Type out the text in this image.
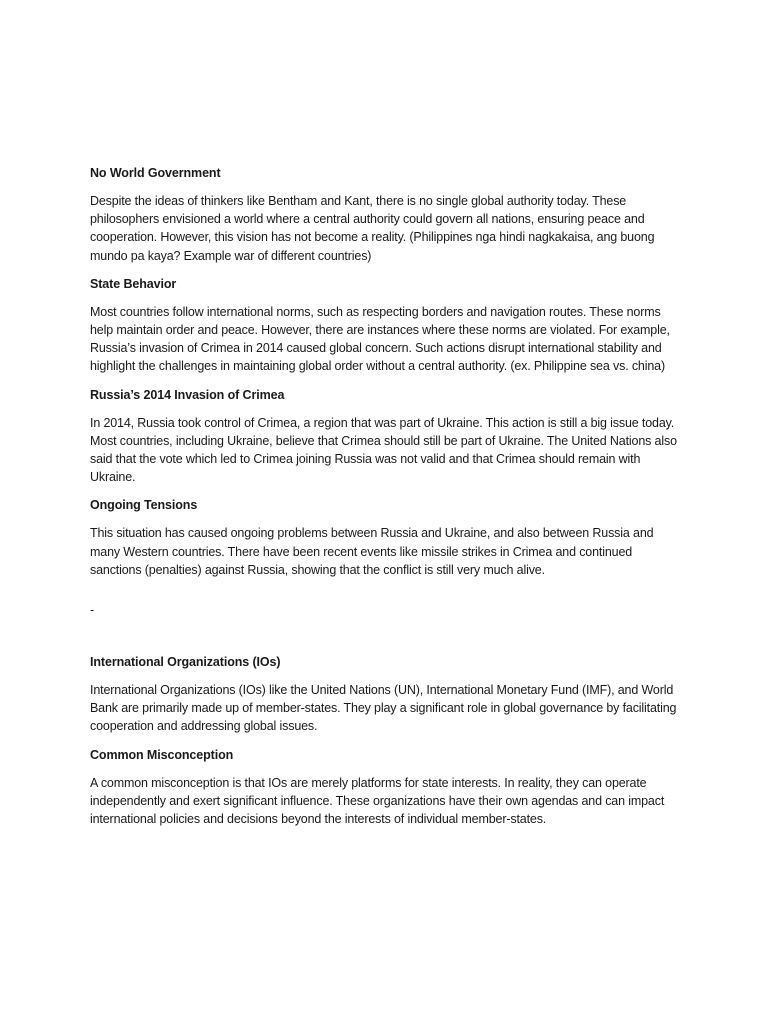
No World Government
Despite the ideas of thinkers like Bentham and Kant, there is no single global authority today. These philosophers envisioned a world where a central authority could govern all nations, ensuring peace and cooperation. However, this vision has not become a reality. (Philippines nga hindi nagkakaisa, ang buong mundo pa kaya? Example war of different countries)
State Behavior
Most countries follow international norms, such as respecting borders and navigation routes. These norms help maintain order and peace. However, there are instances where these norms are violated. For example, Russia’s invasion of Crimea in 2014 caused global concern. Such actions disrupt international stability and highlight the challenges in maintaining global order without a central authority. (ex. Philippine sea vs. china)
Russia’s 2014 Invasion of Crimea
In 2014, Russia took control of Crimea, a region that was part of Ukraine. This action is still a big issue today. Most countries, including Ukraine, believe that Crimea should still be part of Ukraine. The United Nations also said that the vote which led to Crimea joining Russia was not valid and that Crimea should remain with Ukraine.
Ongoing Tensions
This situation has caused ongoing problems between Russia and Ukraine, and also between Russia and many Western countries. There have been recent events like missile strikes in Crimea and continued sanctions (penalties) against Russia, showing that the conflict is still very much alive.
-
International Organizations (IOs)
International Organizations (IOs) like the United Nations (UN), International Monetary Fund (IMF), and World Bank are primarily made up of member-states. They play a significant role in global governance by facilitating cooperation and addressing global issues.
Common Misconception
A common misconception is that IOs are merely platforms for state interests. In reality, they can operate independently and exert significant influence. These organizations have their own agendas and can impact international policies and decisions beyond the interests of individual member-states.
